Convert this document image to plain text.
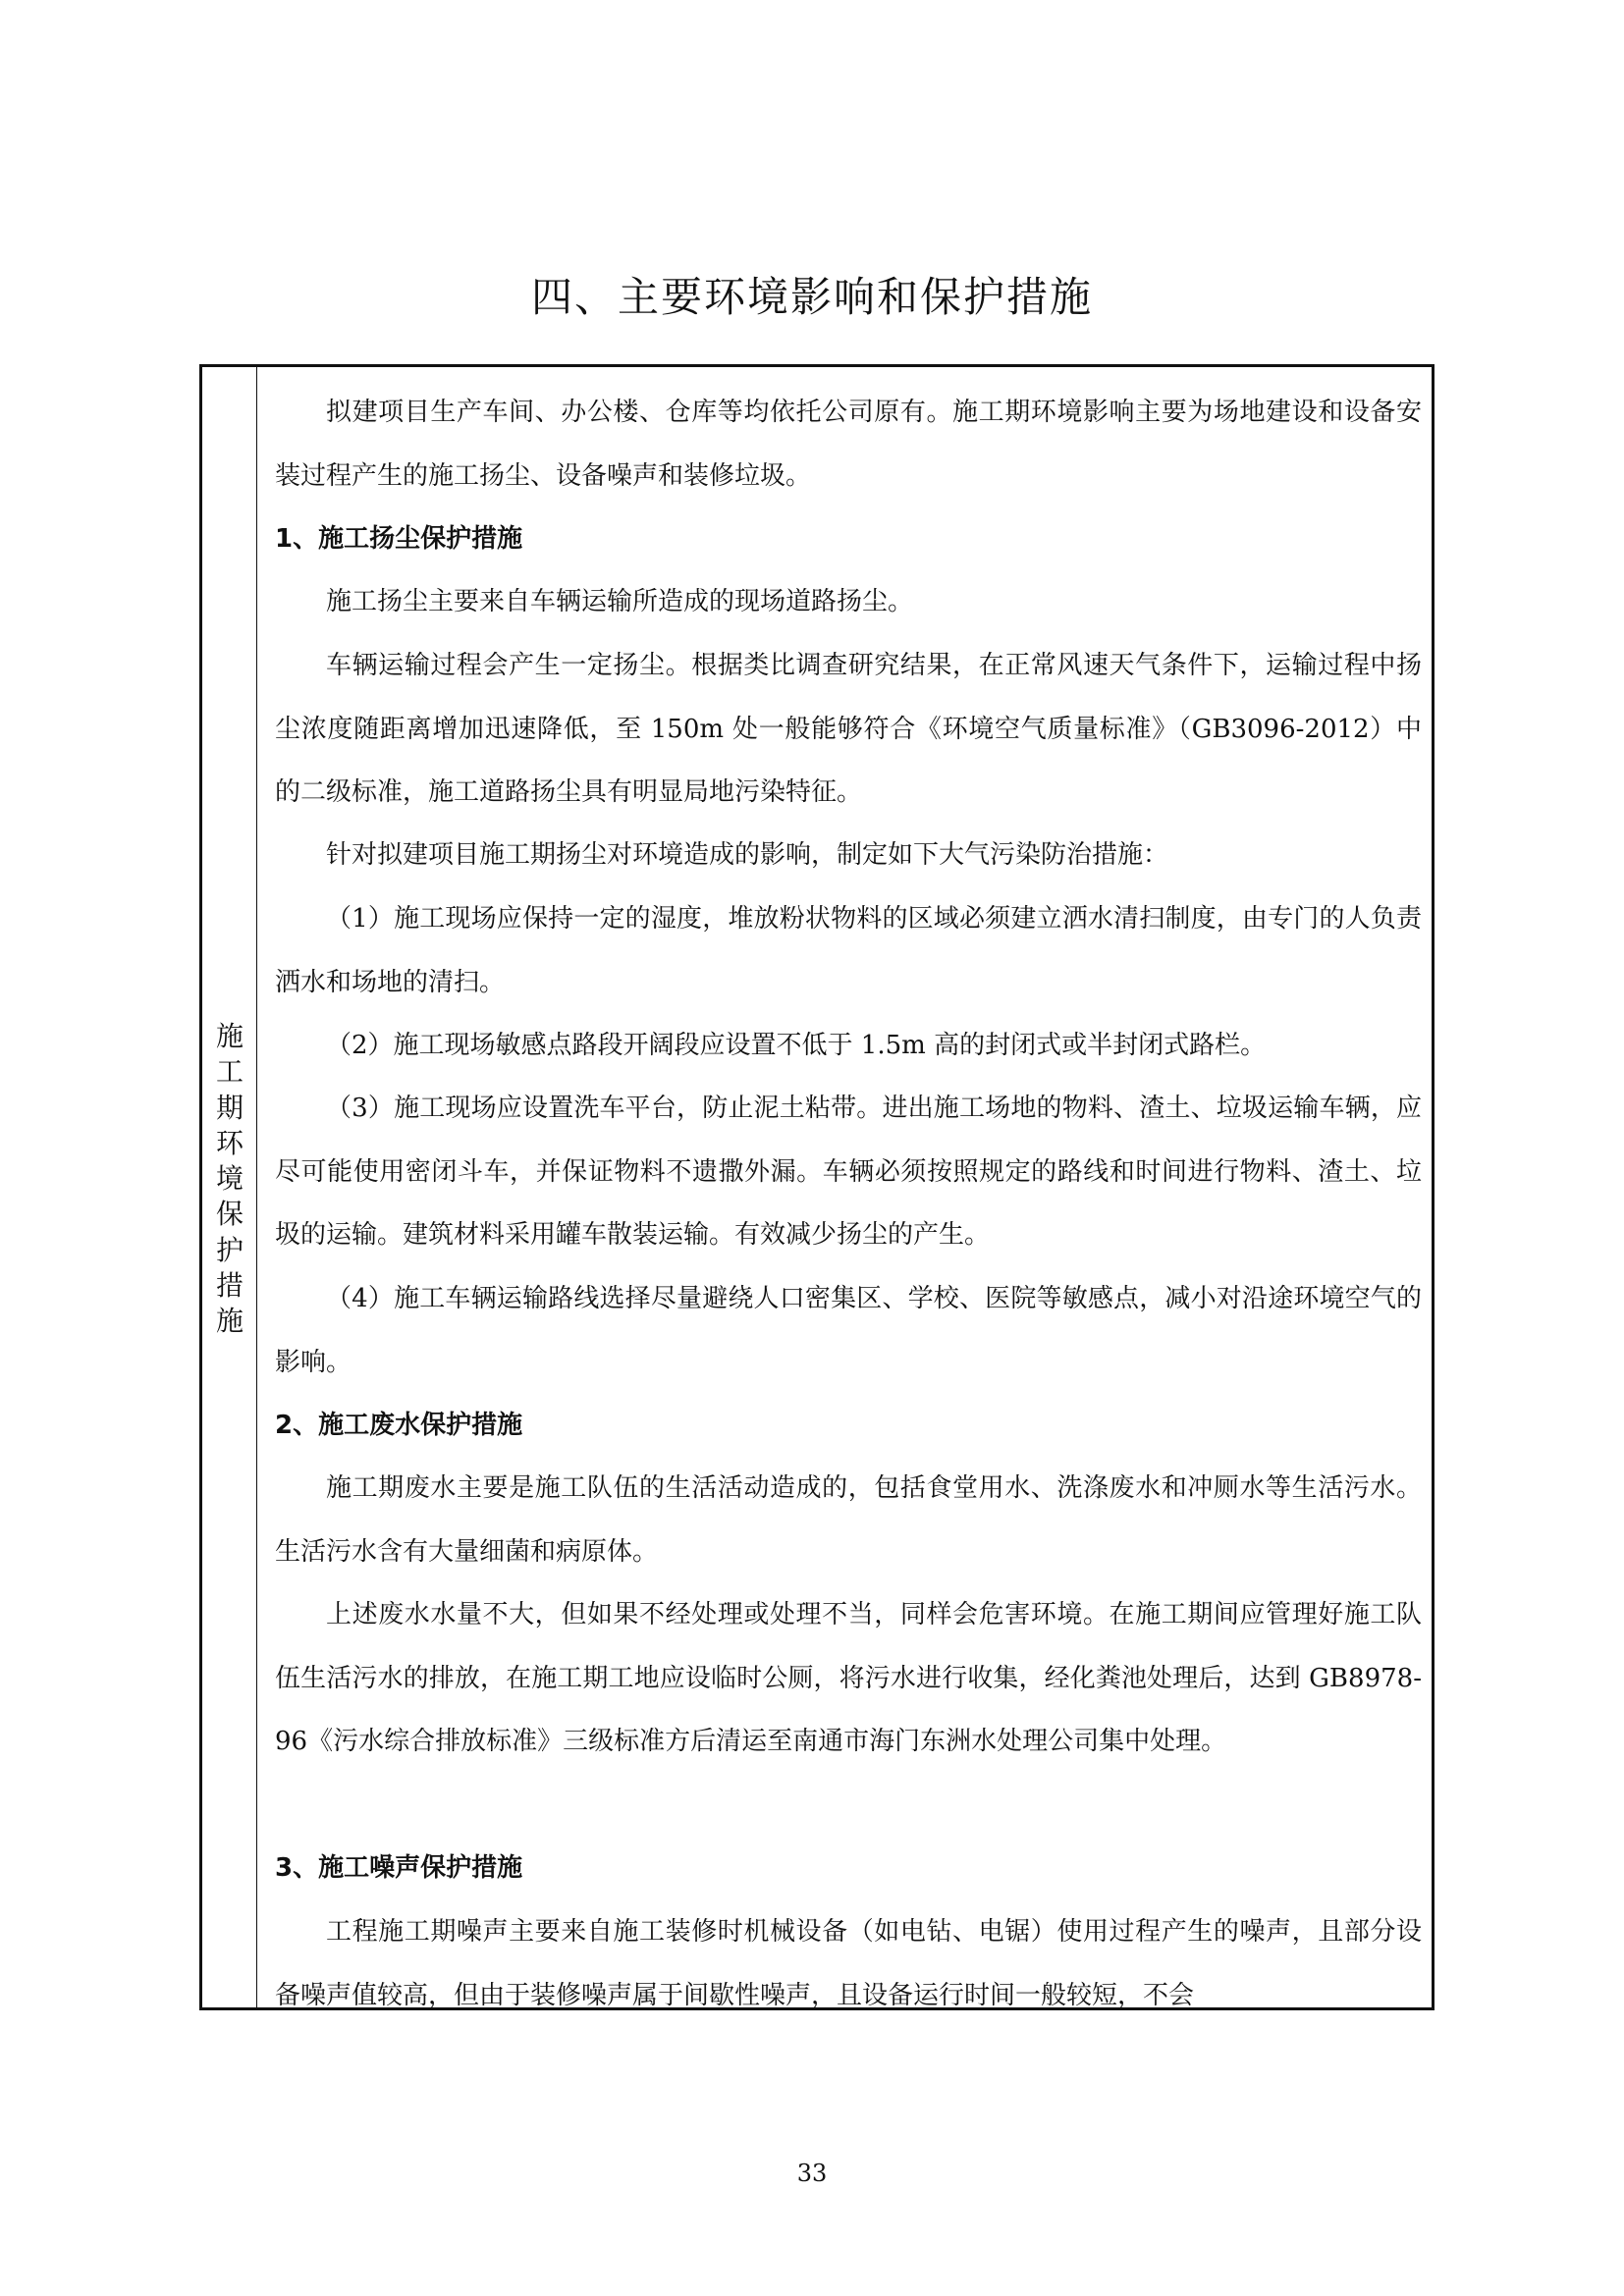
四、主要环境影响和保护措施
施
工
期
环
境
保
护
措
施

拟建项目生产车间、办公楼、仓库等均依托公司原有。施工期环境影响主要为场地建设和设备安装过程产生的施工扬尘、设备噪声和装修垃圾。

1、施工扬尘保护措施

施工扬尘主要来自车辆运输所造成的现场道路扬尘。

车辆运输过程会产生一定扬尘。根据类比调查研究结果，在正常风速天气条件下，运输过程中扬尘浓度随距离增加迅速降低，至 150m 处一般能够符合《环境空气质量标准》（GB3096-2012）中的二级标准，施工道路扬尘具有明显局地污染特征。

针对拟建项目施工期扬尘对环境造成的影响，制定如下大气污染防治措施：

（1）施工现场应保持一定的湿度，堆放粉状物料的区域必须建立洒水清扫制度，由专门的人负责洒水和场地的清扫。

（2）施工现场敏感点路段开阔段应设置不低于 1.5m 高的封闭式或半封闭式路栏。

（3）施工现场应设置洗车平台，防止泥土粘带。进出施工场地的物料、渣土、垃圾运输车辆，应尽可能使用密闭斗车，并保证物料不遗撒外漏。车辆必须按照规定的路线和时间进行物料、渣土、垃圾的运输。建筑材料采用罐车散装运输。有效减少扬尘的产生。

（4）施工车辆运输路线选择尽量避绕人口密集区、学校、医院等敏感点，减小对沿途环境空气的影响。

2、施工废水保护措施

施工期废水主要是施工队伍的生活活动造成的，包括食堂用水、洗涤废水和冲厕水等生活污水。生活污水含有大量细菌和病原体。

上述废水水量不大，但如果不经处理或处理不当，同样会危害环境。在施工期间应管理好施工队伍生活污水的排放，在施工期工地应设临时公厕，将污水进行收集，经化粪池处理后，达到 GB8978-96《污水综合排放标准》三级标准方后清运至南通市海门东洲水处理公司集中处理。

3、施工噪声保护措施

工程施工期噪声主要来自施工装修时机械设备（如电钻、电锯）使用过程产生的噪声，且部分设备噪声值较高，但由于装修噪声属于间歇性噪声，且设备运行时间一般较短，不会

33
